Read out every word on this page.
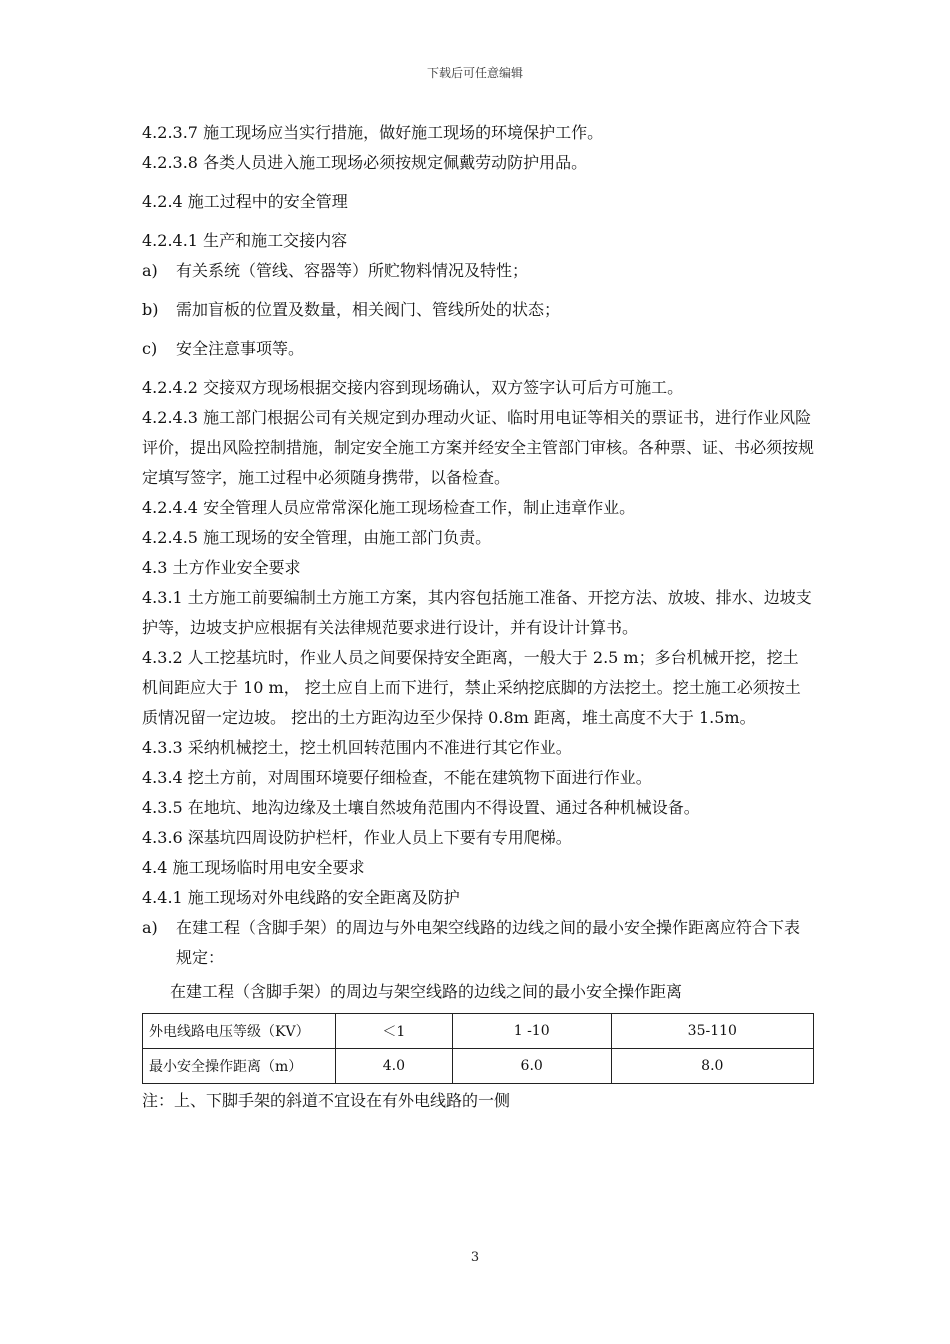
下载后可任意编辑

4.2.3.7 施工现场应当实行措施，做好施工现场的环境保护工作。

4.2.3.8 各类人员进入施工现场必须按规定佩戴劳动防护用品。

4.2.4 施工过程中的安全管理

4.2.4.1 生产和施工交接内容

a)	有关系统（管线、容器等）所贮物料情况及特性；
b)	需加盲板的位置及数量，相关阀门、管线所处的状态；
c)	安全注意事项等。

4.2.4.2 交接双方现场根据交接内容到现场确认，双方签字认可后方可施工。

4.2.4.3 施工部门根据公司有关规定到办理动火证、临时用电证等相关的票证书，进行作业风险评价，提出风险控制措施，制定安全施工方案并经安全主管部门审核。各种票、证、书必须按规定填写签字，施工过程中必须随身携带，以备检查。

4.2.4.4 安全管理人员应常常深化施工现场检查工作，制止违章作业。

4.2.4.5 施工现场的安全管理，由施工部门负责。

4.3 土方作业安全要求

4.3.1 土方施工前要编制土方施工方案，其内容包括施工准备、开挖方法、放坡、排水、边坡支护等，边坡支护应根据有关法律规范要求进行设计，并有设计计算书。

4.3.2 人工挖基坑时，作业人员之间要保持安全距离，一般大于 2.5 m；多台机械开挖，挖土机间距应大于 10 m， 挖土应自上而下进行，禁止采纳挖底脚的方法挖土。挖土施工必须按土质情况留一定边坡。 挖出的土方距沟边至少保持 0.8m 距离，堆土高度不大于 1.5m。

4.3.3 采纳机械挖土，挖土机回转范围内不准进行其它作业。

4.3.4 挖土方前，对周围环境要仔细检查，不能在建筑物下面进行作业。

4.3.5 在地坑、地沟边缘及土壤自然坡角范围内不得设置、通过各种机械设备。

4.3.6 深基坑四周设防护栏杆，作业人员上下要有专用爬梯。

4.4 施工现场临时用电安全要求

4.4.1 施工现场对外电线路的安全距离及防护

a)	在建工程（含脚手架）的周边与外电架空线路的边线之间的最小安全操作距离应符合下表规定：
在建工程（含脚手架）的周边与架空线路的边线之间的最小安全操作距离
外电线路电压等级（KV）	＜1	1 -10	35-110
最小安全操作距离（m）	4.0	6.0	8.0
注：上、下脚手架的斜道不宜设在有外电线路的一侧
3
